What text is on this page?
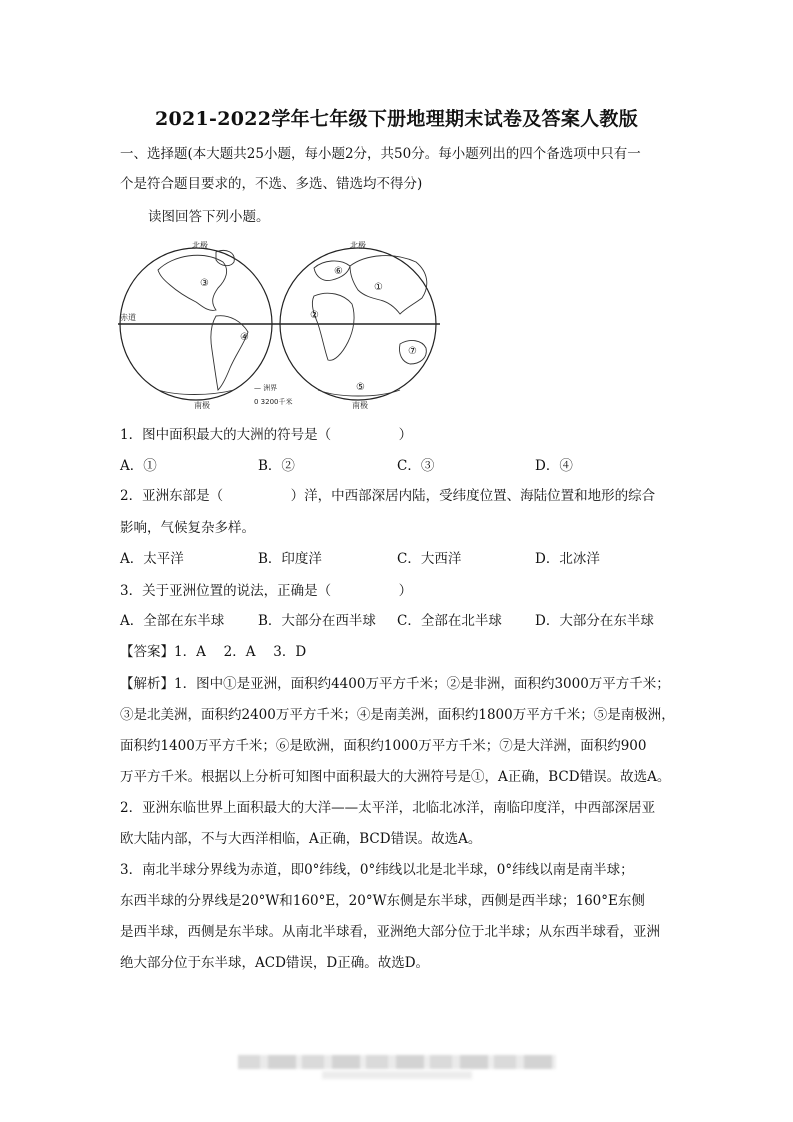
2021-2022学年七年级下册地理期末试卷及答案人教版
一、选择题(本大题共25小题，每小题2分，共50分。每小题列出的四个备选项中只有一
个是符合题目要求的，不选、多选、错选均不得分)
读图回答下列小题。
北极	北极
赤道
南极	南极
— 洲界
0 3200千米
③
④
⑥
①
②
⑦
⑤
1．图中面积最大的大洲的符号是（　　　　　）
A．①	B．②	C．③	D．④
2．亚洲东部是（　　　　　）洋，中西部深居内陆，受纬度位置、海陆位置和地形的综合
影响，气候复杂多样。
A．太平洋	B．印度洋	C．大西洋	D．北冰洋
3．关于亚洲位置的说法，正确是（　　　　　）
A．全部在东半球	B．大部分在西半球 C．全部在北半球 D．大部分在东半球
【答案】1．A　 2．A　 3．D
【解析】1．图中①是亚洲，面积约4400万平方千米；②是非洲，面积约3000万平方千米；
③是北美洲，面积约2400万平方千米；④是南美洲，面积约1800万平方千米；⑤是南极洲，
面积约1400万平方千米；⑥是欧洲，面积约1000万平方千米；⑦是大洋洲，面积约900
万平方千米。根据以上分析可知图中面积最大的大洲符号是①，A正确，BCD错误。故选A。
2．亚洲东临世界上面积最大的大洋——太平洋，北临北冰洋，南临印度洋，中西部深居亚
欧大陆内部，不与大西洋相临，A正确，BCD错误。故选A。
3．南北半球分界线为赤道，即0°纬线，0°纬线以北是北半球，0°纬线以南是南半球；
东西半球的分界线是20°W和160°E，20°W东侧是东半球，西侧是西半球；160°E东侧
是西半球，西侧是东半球。从南北半球看，亚洲绝大部分位于北半球；从东西半球看，亚洲
绝大部分位于东半球，ACD错误，D正确。故选D。
